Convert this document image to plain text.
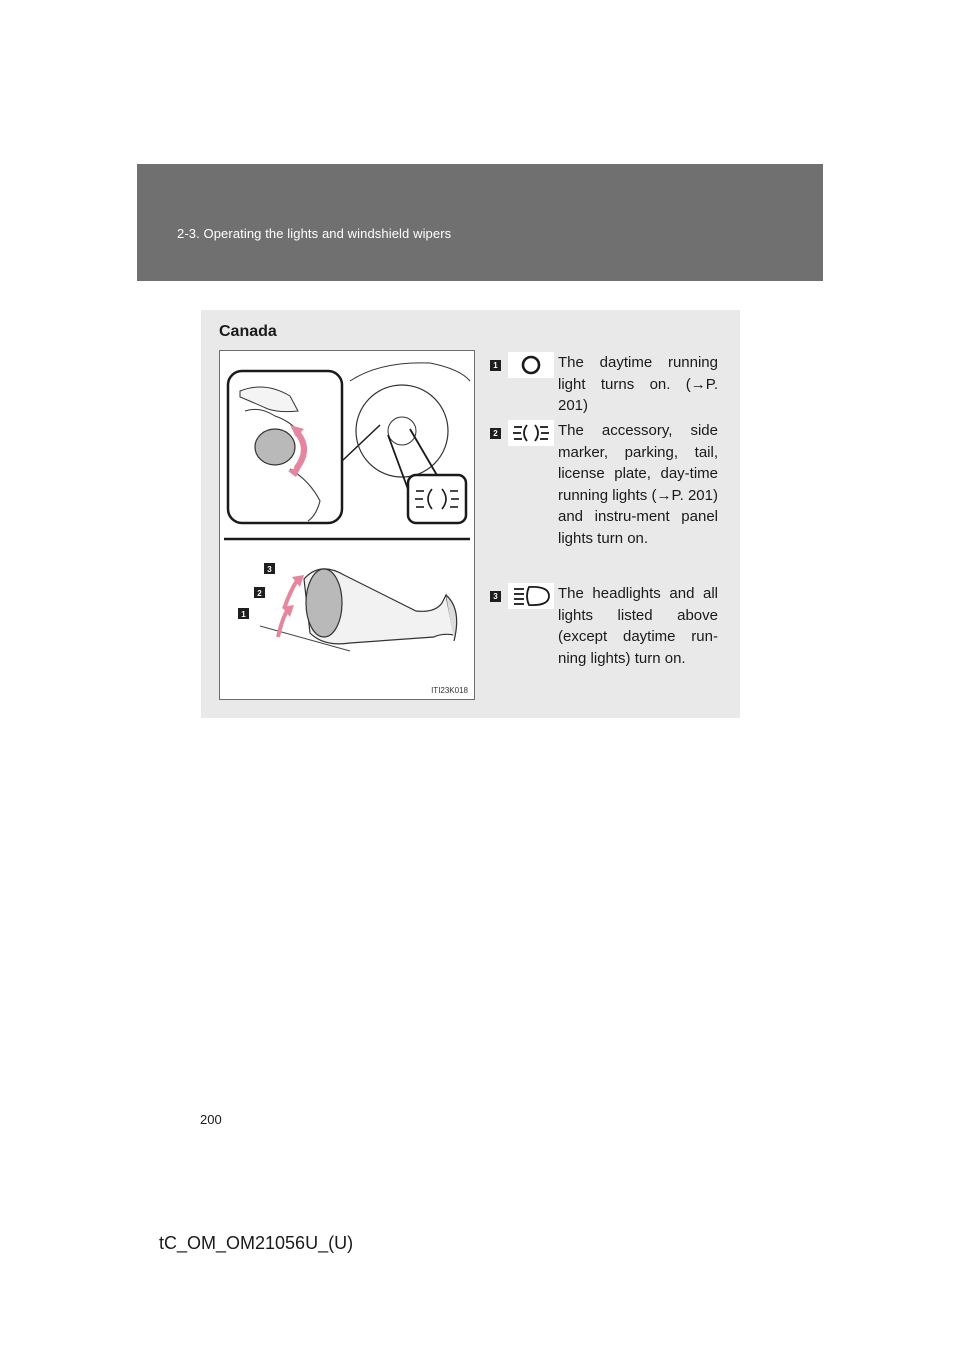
2-3. Operating the lights and windshield wipers
Canada
3
2
1
ITI23K018
1	The daytime running light turns on. (→P. 201)
2	The accessory, side marker, parking, tail, license plate, day-time running lights (→P. 201) and instru-ment panel lights turn on.
3	The headlights and all lights listed above (except daytime run-ning lights) turn on.
200
tC_OM_OM21056U_(U)
